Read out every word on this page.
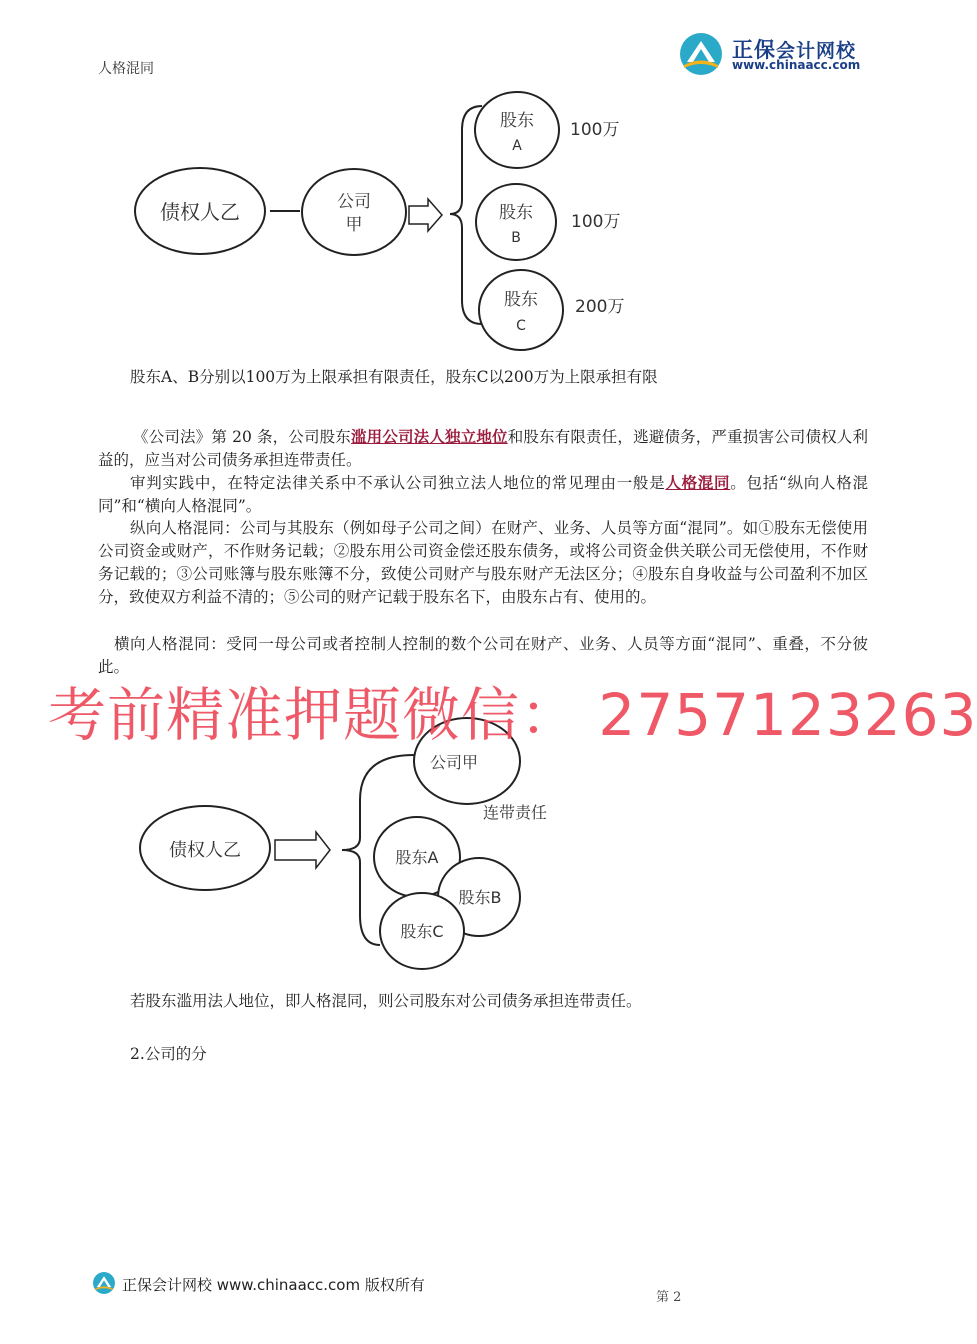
人格混同
正保会计网校
www.chinaacc.com
债权人乙	公司
甲
股东
A
100万
股东
B
100万
股东
C
200万
股东A、B分别以100万为上限承担有限责任，股东C以200万为上限承担有限
《公司法》第 20 条，公司股东滥用公司法人独立地位和股东有限责任，逃避债务，严重损害公司债权人利益的，应当对公司债务承担连带责任。
审判实践中，在特定法律关系中不承认公司独立法人地位的常见理由一般是人格混同。包括“纵向人格混同”和“横向人格混同”。
纵向人格混同：公司与其股东（例如母子公司之间）在财产、业务、人员等方面“混同”。如①股东无偿使用公司资金或财产，不作财务记载；②股东用公司资金偿还股东债务，或将公司资金供关联公司无偿使用，不作财务记载的；③公司账簿与股东账簿不分，致使公司财产与股东财产无法区分；④股东自身收益与公司盈利不加区分，致使双方利益不清的；⑤公司的财产记载于股东名下，由股东占有、使用的。
横向人格混同：受同一母公司或者控制人控制的数个公司在财产、业务、人员等方面“混同”、重叠，不分彼此。
公司甲
连带责任
债权人乙	股东A
股东B
股东C
若股东滥用法人地位，即人格混同，则公司股东对公司债务承担连带责任。
2.公司的分
考前精准押题微信： 2757123263
正保会计网校 www.chinaacc.com 版权所有
第 2
